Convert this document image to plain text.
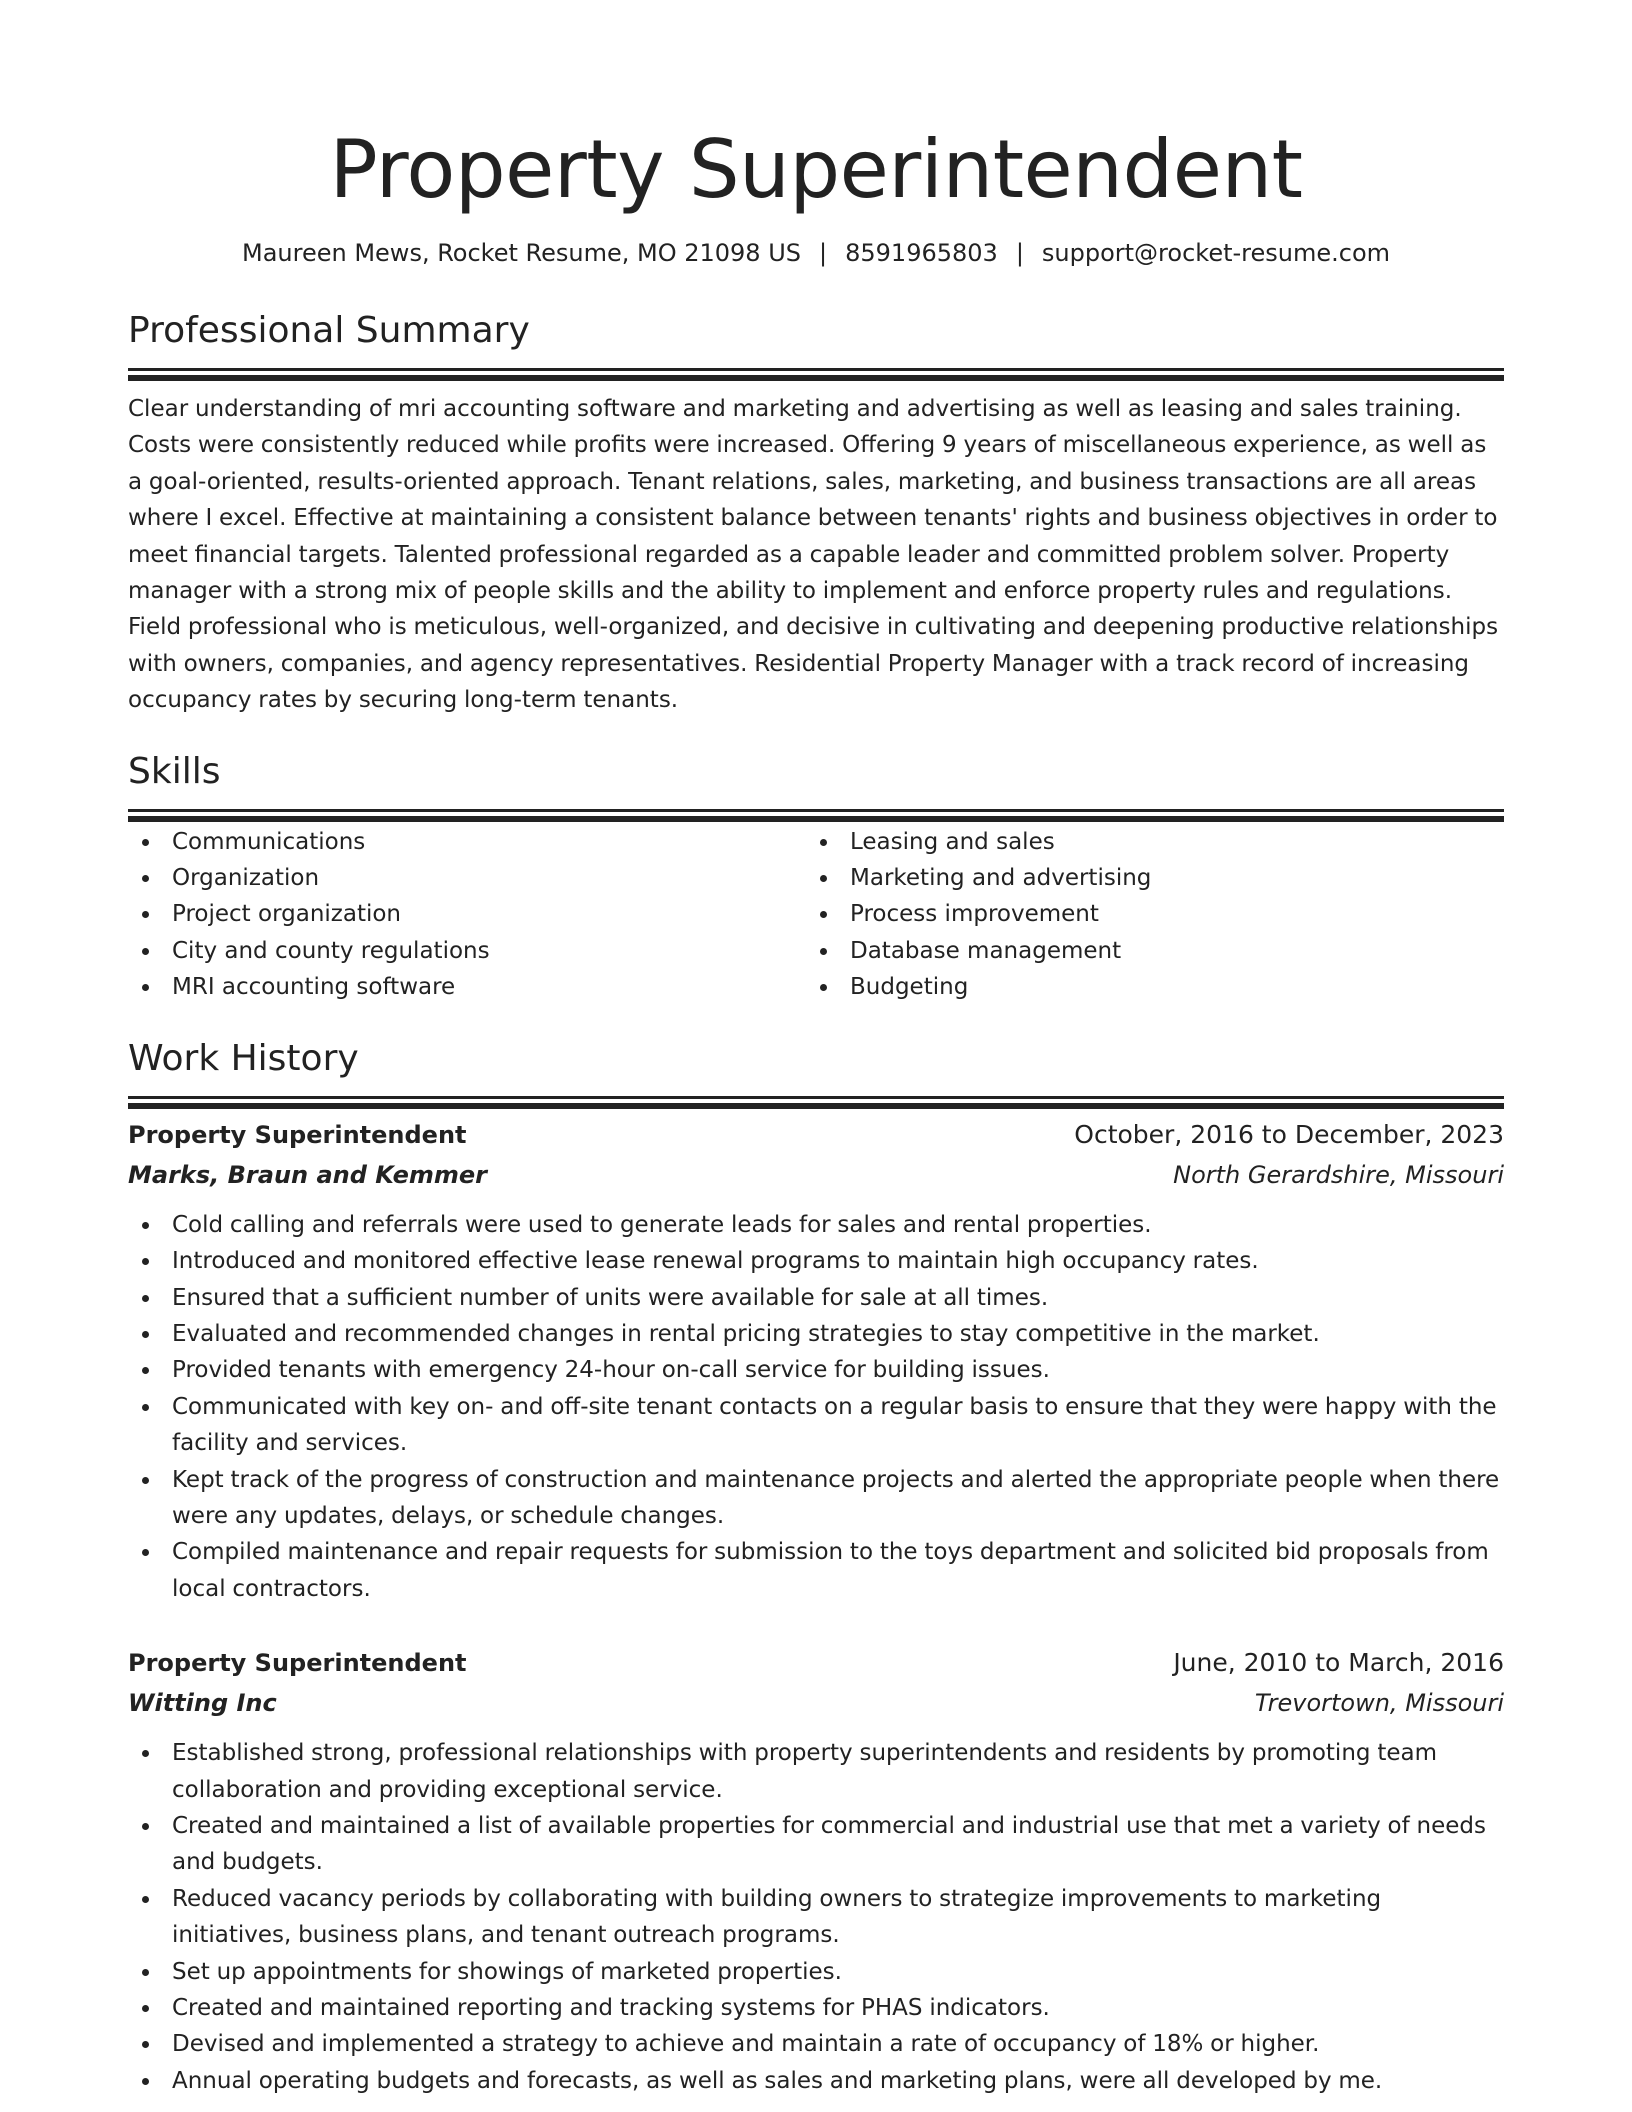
Property Superintendent
Maureen Mews, Rocket Resume, MO 21098 US | 8591965803 | support@rocket-resume.com
Professional Summary

Clear understanding of mri accounting software and marketing and advertising as well as leasing and sales training. Costs were consistently reduced while profits were increased. Offering 9 years of miscellaneous experience, as well as a goal-oriented, results-oriented approach. Tenant relations, sales, marketing, and business transactions are all areas where I excel. Effective at maintaining a consistent balance between tenants' rights and business objectives in order to meet financial targets. Talented professional regarded as a capable leader and committed problem solver. Property manager with a strong mix of people skills and the ability to implement and enforce property rules and regulations. Field professional who is meticulous, well-organized, and decisive in cultivating and deepening productive relationships with owners, companies, and agency representatives. Residential Property Manager with a track record of increasing occupancy rates by securing long-term tenants.

Skills
Communications
Organization
Project organization
City and county regulations
MRI accounting software
Leasing and sales
Marketing and advertising
Process improvement
Database management
Budgeting
Work History
Property Superintendent	October, 2016 to December, 2023
Marks, Braun and Kemmer	North Gerardshire, Missouri
Cold calling and referrals were used to generate leads for sales and rental properties.
Introduced and monitored effective lease renewal programs to maintain high occupancy rates.
Ensured that a sufficient number of units were available for sale at all times.
Evaluated and recommended changes in rental pricing strategies to stay competitive in the market.
Provided tenants with emergency 24-hour on-call service for building issues.
Communicated with key on- and off-site tenant contacts on a regular basis to ensure that they were happy with the facility and services.
Kept track of the progress of construction and maintenance projects and alerted the appropriate people when there were any updates, delays, or schedule changes.
Compiled maintenance and repair requests for submission to the toys department and solicited bid proposals from local contractors.
Property Superintendent	June, 2010 to March, 2016
Witting Inc	Trevortown, Missouri
Established strong, professional relationships with property superintendents and residents by promoting team collaboration and providing exceptional service.
Created and maintained a list of available properties for commercial and industrial use that met a variety of needs and budgets.
Reduced vacancy periods by collaborating with building owners to strategize improvements to marketing initiatives, business plans, and tenant outreach programs.
Set up appointments for showings of marketed properties.
Created and maintained reporting and tracking systems for PHAS indicators.
Devised and implemented a strategy to achieve and maintain a rate of occupancy of 18% or higher.
Annual operating budgets and forecasts, as well as sales and marketing plans, were all developed by me.
